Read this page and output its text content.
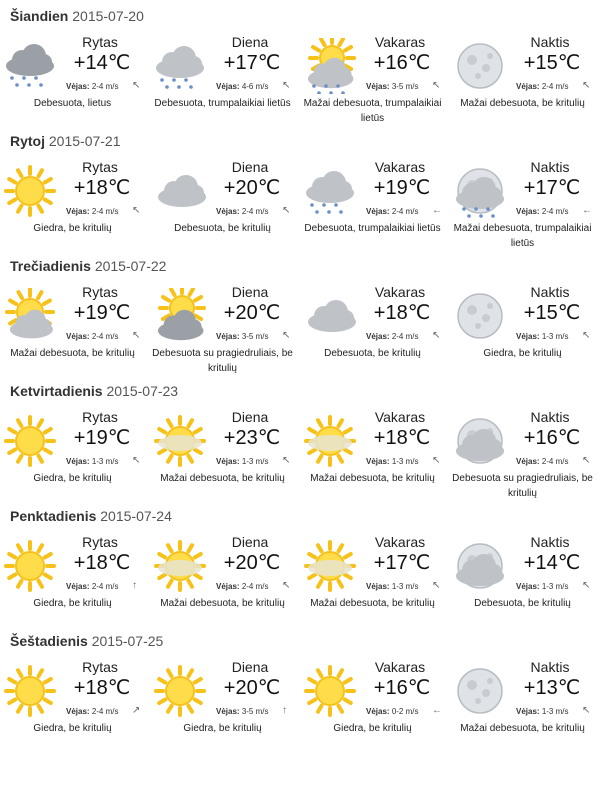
Šiandien 2015-07-20
Rytas
+14℃
Vėjas: 2-4 m/s ↖
Debesuota, lietus
Diena
+17℃
Vėjas: 4-6 m/s ↖
Debesuota, trumpalaikiai lietūs
Vakaras
+16℃
Vėjas: 3-5 m/s ↖
Mažai debesuota, trumpalaikiai lietūs
Naktis
+15℃
Vėjas: 2-4 m/s ↖
Mažai debesuota, be kritulių
Rytoj 2015-07-21
Rytas
+18℃
Vėjas: 2-4 m/s ↖
Giedra, be kritulių
Diena
+20℃
Vėjas: 2-4 m/s ↖
Debesuota, be kritulių
Vakaras
+19℃
Vėjas: 2-4 m/s ←
Debesuota, trumpalaikiai lietūs
Naktis
+17℃
Vėjas: 2-4 m/s ←
Mažai debesuota, trumpalaikiai lietūs
Trečiadienis 2015-07-22
Rytas
+19℃
Vėjas: 2-4 m/s ↖
Mažai debesuota, be kritulių
Diena
+20℃
Vėjas: 3-5 m/s ↖
Debesuota su pragiedruliais, be kritulių
Vakaras
+18℃
Vėjas: 2-4 m/s ↖
Debesuota, be kritulių
Naktis
+15℃
Vėjas: 1-3 m/s ↖
Giedra, be kritulių
Ketvirtadienis 2015-07-23
Rytas
+19℃
Vėjas: 1-3 m/s ↖
Giedra, be kritulių
Diena
+23℃
Vėjas: 1-3 m/s ↖
Mažai debesuota, be kritulių
Vakaras
+18℃
Vėjas: 1-3 m/s ↖
Mažai debesuota, be kritulių
Naktis
+16℃
Vėjas: 2-4 m/s ↖
Debesuota su pragiedruliais, be kritulių
Penktadienis 2015-07-24
Rytas
+18℃
Vėjas: 2-4 m/s ↑
Giedra, be kritulių
Diena
+20℃
Vėjas: 2-4 m/s ↖
Mažai debesuota, be kritulių
Vakaras
+17℃
Vėjas: 1-3 m/s ↖
Mažai debesuota, be kritulių
Naktis
+14℃
Vėjas: 1-3 m/s ↖
Debesuota, be kritulių
Šeštadienis 2015-07-25
Rytas
+18℃
Vėjas: 2-4 m/s ↗
Giedra, be kritulių
Diena
+20℃
Vėjas: 3-5 m/s ↑
Giedra, be kritulių
Vakaras
+16℃
Vėjas: 0-2 m/s ←
Giedra, be kritulių
Naktis
+13℃
Vėjas: 1-3 m/s ↖
Mažai debesuota, be kritulių
